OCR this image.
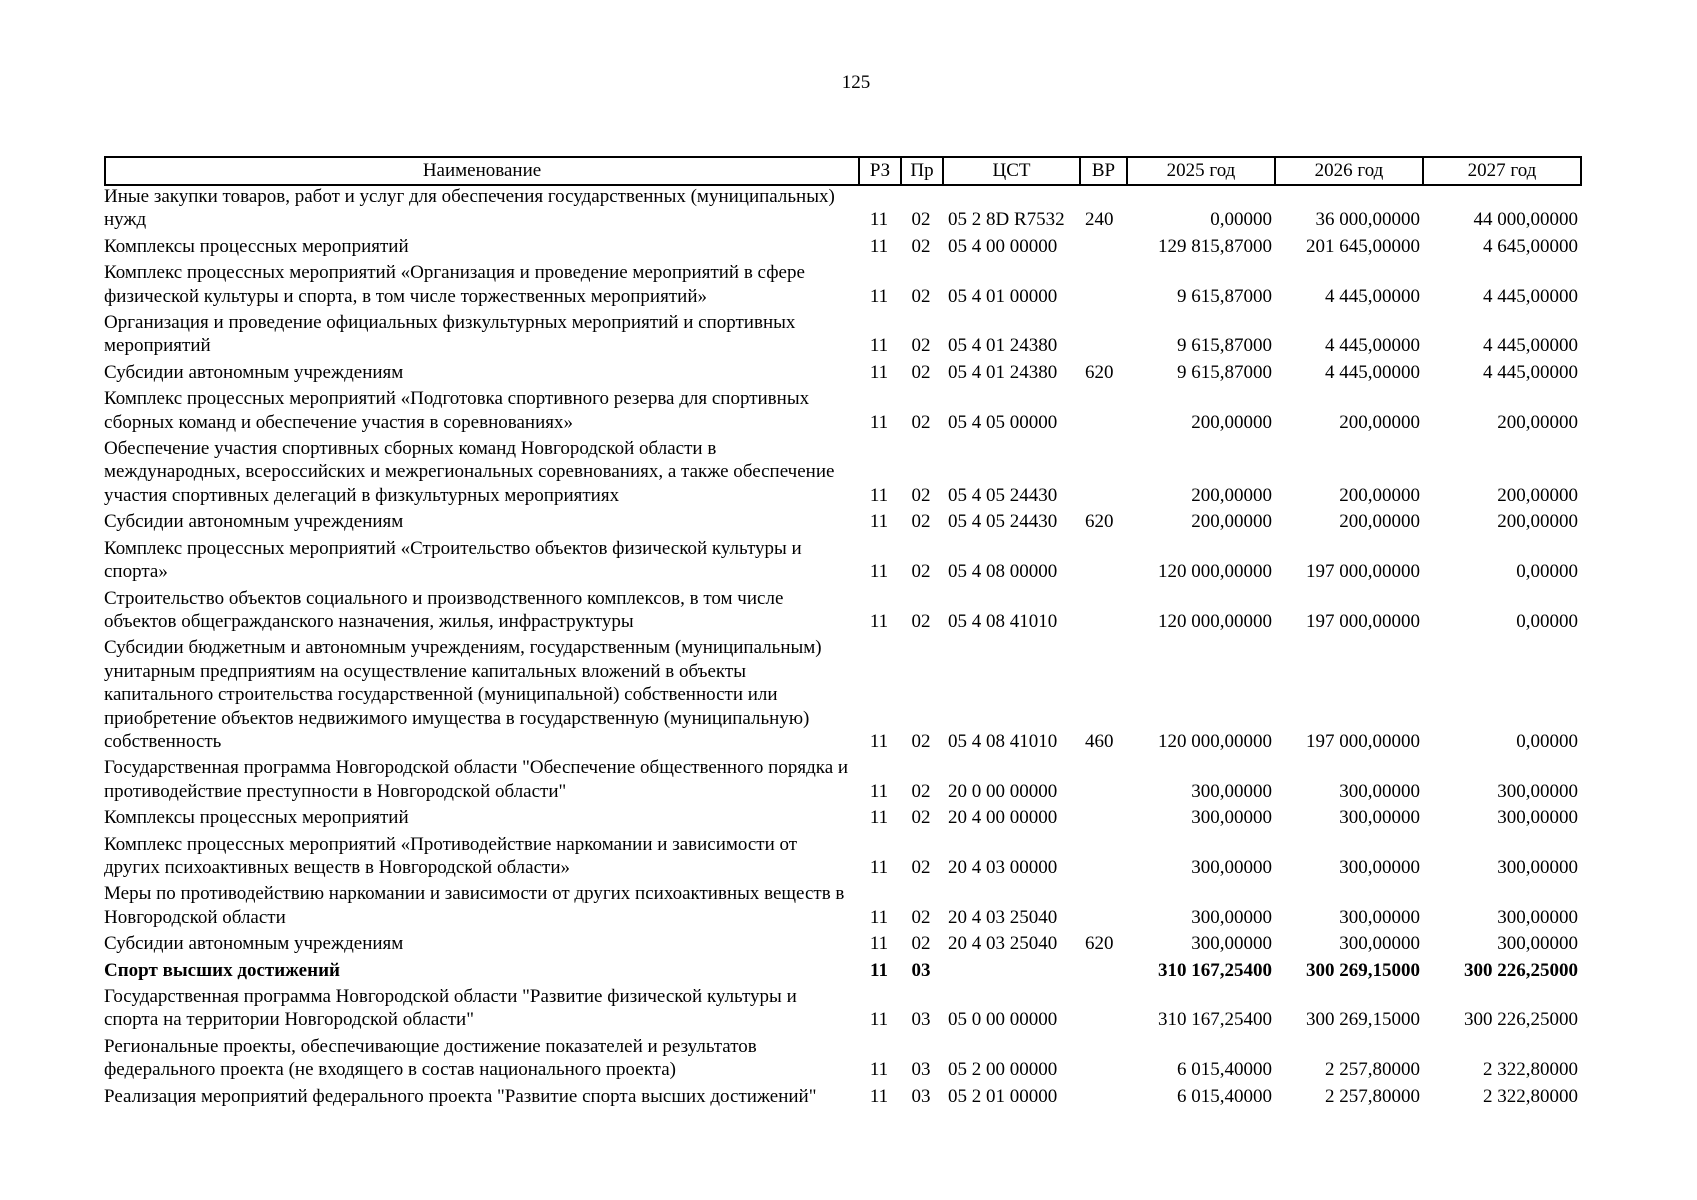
125
Наименование	РЗ	Пр	ЦСТ	ВР	2025 год	2026 год	2027 год
Иные закупки товаров, работ и услуг для обеспечения государственных (муниципальных) нужд	11	02	05 2 8D R7532	240	0,00000	36 000,00000	44 000,00000
Комплексы процессных мероприятий	11	02	05 4 00 00000		129 815,87000	201 645,00000	4 645,00000
Комплекс процессных мероприятий «Организация и проведение мероприятий в сфере физической культуры и спорта, в том числе торжественных мероприятий»	11	02	05 4 01 00000		9 615,87000	4 445,00000	4 445,00000
Организация и проведение официальных физкультурных мероприятий и спортивных мероприятий	11	02	05 4 01 24380		9 615,87000	4 445,00000	4 445,00000
Субсидии автономным учреждениям	11	02	05 4 01 24380	620	9 615,87000	4 445,00000	4 445,00000
Комплекс процессных мероприятий «Подготовка спортивного резерва для спортивных сборных команд и обеспечение участия в соревнованиях»	11	02	05 4 05 00000		200,00000	200,00000	200,00000
Обеспечение участия спортивных сборных команд Новгородской области в международных, всероссийских и межрегиональных соревнованиях, а также обеспечение участия спортивных делегаций в физкультурных мероприятиях	11	02	05 4 05 24430		200,00000	200,00000	200,00000
Субсидии автономным учреждениям	11	02	05 4 05 24430	620	200,00000	200,00000	200,00000
Комплекс процессных мероприятий «Строительство объектов физической культуры и спорта»	11	02	05 4 08 00000		120 000,00000	197 000,00000	0,00000
Строительство объектов социального и производственного комплексов, в том числе объектов общегражданского назначения, жилья, инфраструктуры	11	02	05 4 08 41010		120 000,00000	197 000,00000	0,00000
Субсидии бюджетным и автономным учреждениям, государственным (муниципальным) унитарным предприятиям на осуществление капитальных вложений в объекты капитального строительства государственной (муниципальной) собственности или приобретение объектов недвижимого имущества в государственную (муниципальную) собственность	11	02	05 4 08 41010	460	120 000,00000	197 000,00000	0,00000
Государственная программа Новгородской области "Обеспечение общественного порядка и противодействие преступности в Новгородской области"	11	02	20 0 00 00000		300,00000	300,00000	300,00000
Комплексы процессных мероприятий	11	02	20 4 00 00000		300,00000	300,00000	300,00000
Комплекс процессных мероприятий «Противодействие наркомании и зависимости от других психоактивных веществ в Новгородской области»	11	02	20 4 03 00000		300,00000	300,00000	300,00000
Меры по противодействию наркомании и зависимости от других психоактивных веществ в Новгородской области	11	02	20 4 03 25040		300,00000	300,00000	300,00000
Субсидии автономным учреждениям	11	02	20 4 03 25040	620	300,00000	300,00000	300,00000
Спорт высших достижений	11	03			310 167,25400	300 269,15000	300 226,25000
Государственная программа Новгородской области "Развитие физической культуры и спорта на территории Новгородской области"	11	03	05 0 00 00000		310 167,25400	300 269,15000	300 226,25000
Региональные проекты, обеспечивающие достижение показателей и результатов федерального проекта (не входящего в состав национального проекта)	11	03	05 2 00 00000		6 015,40000	2 257,80000	2 322,80000
Реализация мероприятий федерального проекта "Развитие спорта высших достижений"	11	03	05 2 01 00000		6 015,40000	2 257,80000	2 322,80000
